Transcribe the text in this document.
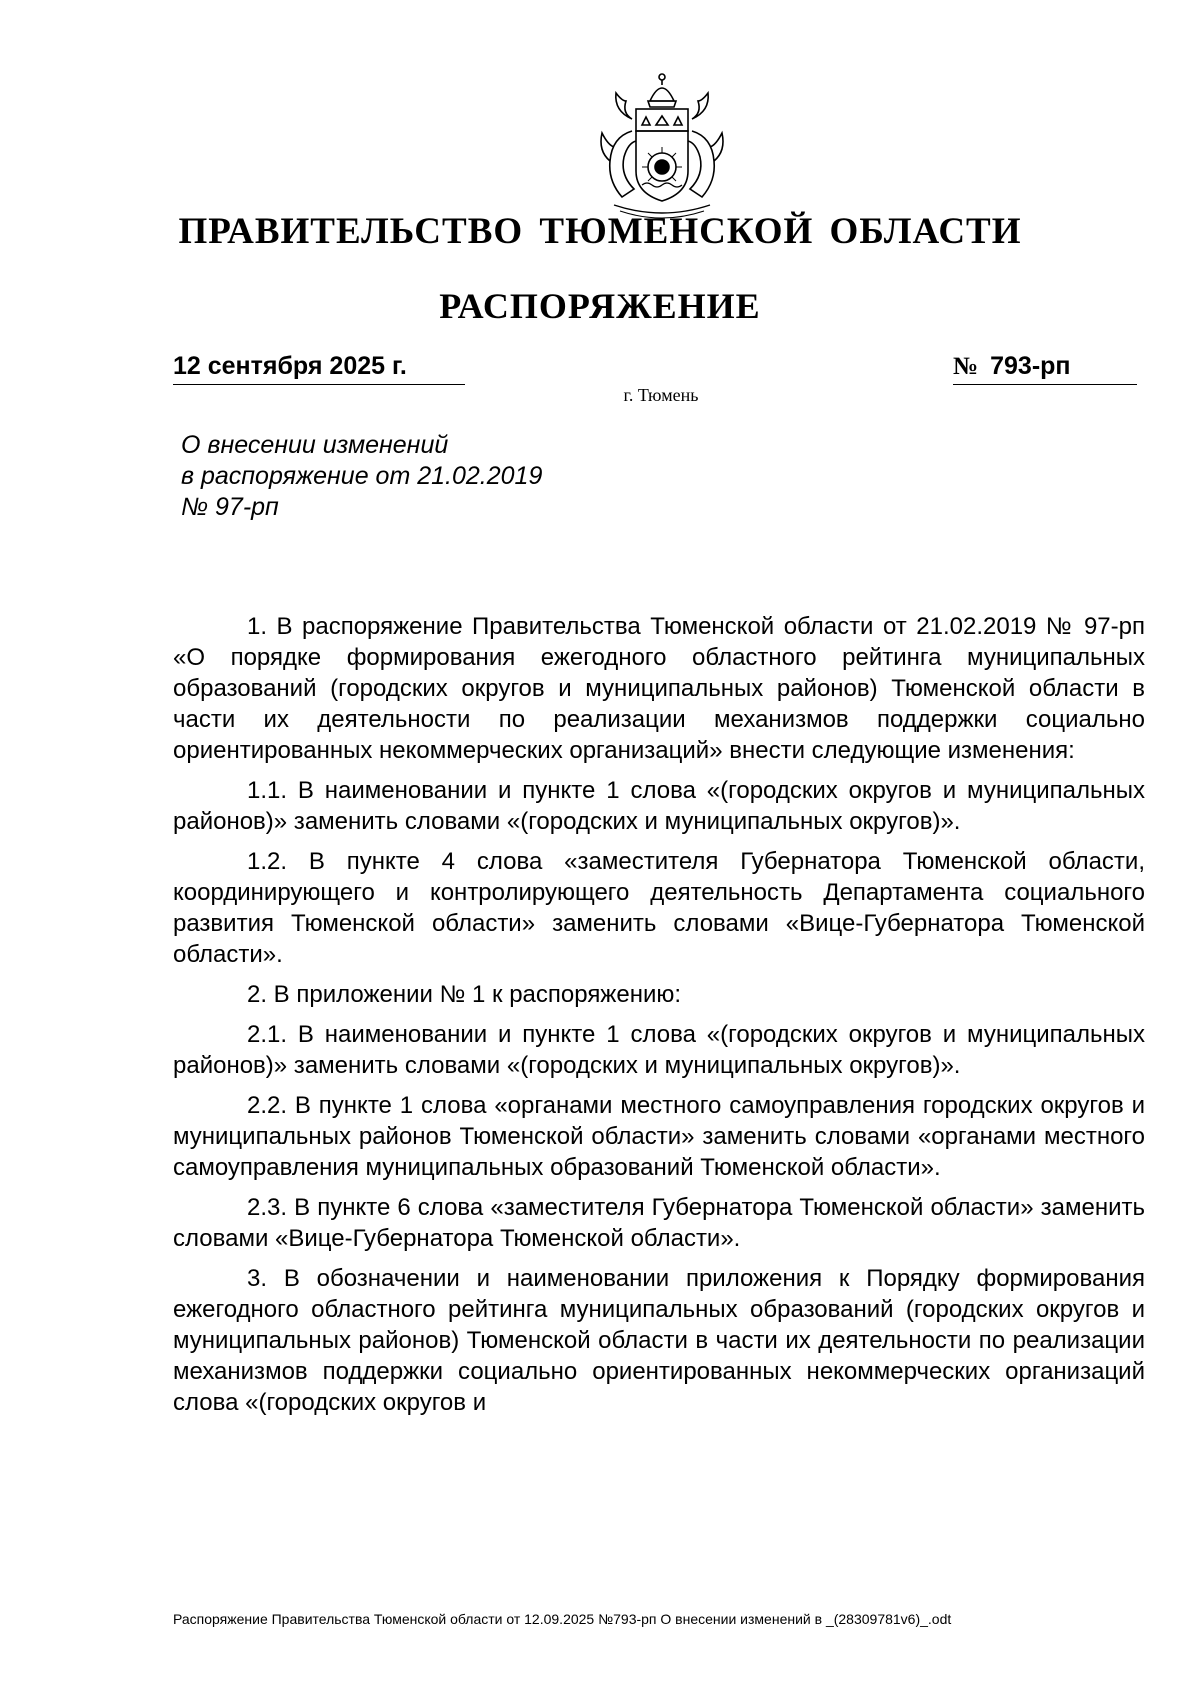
ПРАВИТЕЛЬСТВО ТЮМЕНСКОЙ ОБЛАСТИ
РАСПОРЯЖЕНИЕ
12 сентября 2025 г.	№ 793-рп
г. Тюмень
О внесении изменений
в распоряжение от 21.02.2019
№ 97-рп

1. В распоряжение Правительства Тюменской области от 21.02.2019 № 97-рп «О порядке формирования ежегодного областного рейтинга муниципальных образований (городских округов и муниципальных районов) Тюменской области в части их деятельности по реализации механизмов поддержки социально ориентированных некоммерческих организаций» внести следующие изменения:

1.1. В наименовании и пункте 1 слова «(городских округов и муниципальных районов)» заменить словами «(городских и муниципальных округов)».

1.2. В пункте 4 слова «заместителя Губернатора Тюменской области, координирующего и контролирующего деятельность Департамента социального развития Тюменской области» заменить словами «Вице-Губернатора Тюменской области».

2. В приложении № 1 к распоряжению:

2.1. В наименовании и пункте 1 слова «(городских округов и муниципальных районов)» заменить словами «(городских и муниципальных округов)».

2.2. В пункте 1 слова «органами местного самоуправления городских округов и муниципальных районов Тюменской области» заменить словами «органами местного самоуправления муниципальных образований Тюменской области».

2.3. В пункте 6 слова «заместителя Губернатора Тюменской области» заменить словами «Вице-Губернатора Тюменской области».

3. В обозначении и наименовании приложения к Порядку формирования ежегодного областного рейтинга муниципальных образований (городских округов и муниципальных районов) Тюменской области в части их деятельности по реализации механизмов поддержки социально ориентированных некоммерческих организаций слова «(городских округов и

Распоряжение Правительства Тюменской области от 12.09.2025 №793-рп О внесении изменений в _(28309781v6)_.odt
